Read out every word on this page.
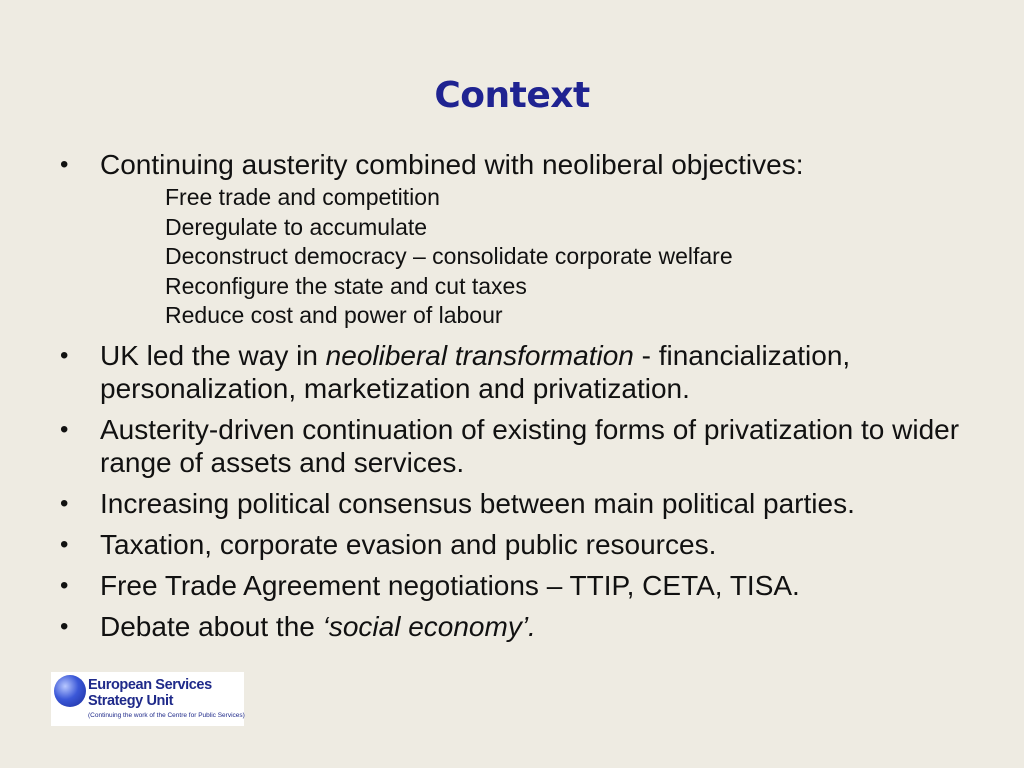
Context
•	Continuing austerity combined with neoliberal objectives:
Free trade and competition
Deregulate to accumulate
Deconstruct democracy – consolidate corporate welfare
Reconfigure the state and cut taxes
Reduce cost and power of labour
•	UK led the way in neoliberal transformation - financialization, personalization, marketization and privatization.
•	Austerity-driven continuation of existing forms of privatization to wider range of assets and services.
•	Increasing political consensus between main political parties.
•	Taxation, corporate evasion and public resources.
•	Free Trade Agreement negotiations – TTIP, CETA, TISA.
•	Debate about the ‘social economy’.
European Services
Strategy Unit
(Continuing the work of the Centre for Public Services)
